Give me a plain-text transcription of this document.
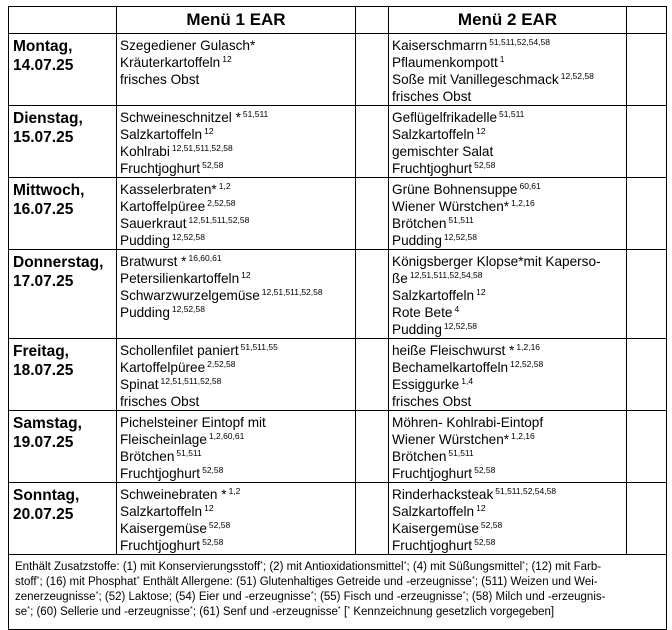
	Menü 1 EAR		Menü 2 EAR	

Montag,
14.07.25	Szegediener Gulasch*
Kräuterkartoffeln $^{12}$
frisches Obst		Kaiserschmarrn $^{51,511,52,54,58}$
Pflaumenkompott $^1$
Soße mit Vanillegeschmack $^{12,52,58}$
frisches Obst	

Dienstag,
15.07.25	Schweineschnitzel * $^{51,511}$
Salzkartoffeln $^{12}$
Kohlrabi $^{12,51,511,52,58}$
Fruchtjoghurt $^{52,58}$		Geflügelfrikadelle $^{51,511}$
Salzkartoffeln $^{12}$
gemischter Salat
Fruchtjoghurt $^{52,58}$

Mittwoch,
16.07.25	Kasselerbraten* $^{1,2}$
Kartoffelpüree $^{2,52,58}$
Sauerkraut $^{12,51,511,52,58}$
Pudding $^{12,52,58}$		Grüne Bohnensuppe $^{60,61}$
Wiener Würstchen* $^{1,2,16}$
Brötchen $^{51,511}$
Pudding $^{12,52,58}$

Donnerstag,
17.07.25	Bratwurst * $^{16,60,61}$
Petersilienkartoffeln $^{12}$
Schwarzwurzelgemüse $^{12,51,511,52,58}$
Pudding $^{12,52,58}$		Königsberger Klopse*mit Kaperso-
ße $^{12,51,511,52,54,58}$
Salzkartoffeln $^{12}$
Rote Bete $^4$
Pudding $^{12,52,58}$

Freitag,
18.07.25	Schollenfilet paniert $^{51,511,55}$
Kartoffelpüree $^{2,52,58}$
Spinat $^{12,51,511,52,58}$
frisches Obst		heiße Fleischwurst * $^{1,2,16}$
Bechamelkartoffeln $^{12,52,58}$
Essiggurke $^{1,4}$
frisches Obst	

Samstag,
19.07.25	Pichelsteiner Eintopf mit
Fleischeinlage $^{1,2,60,61}$
Brötchen $^{51,511}$
Fruchtjoghurt $^{52,58}$		Möhren- Kohlrabi-Eintopf
Wiener Würstchen* $^{1,2,16}$
Brötchen $^{51,511}$
Fruchtjoghurt $^{52,58}$

Sonntag,
20.07.25	Schweinebraten * $^{1,2}$
Salzkartoffeln $^{12}$
Kaisergemüse $^{52,58}$
Fruchtjoghurt $^{52,58}$		Rinderhacksteak $^{51,511,52,54,58}$
Salzkartoffeln $^{12}$
Kaisergemüse $^{52,58}$
Fruchtjoghurt $^{52,58}$

Enthält Zusatzstoffe: (1) mit Konservierungsstoff*; (2) mit Antioxidationsmittel*; (4) mit Süßungsmittel*; (12) mit Farb-
stoff*; (16) mit Phosphat* Enthält Allergene: (51) Glutenhaltiges Getreide und -erzeugnisse*; (511) Weizen und Wei-
zenerzeugnisse*; (52) Laktose; (54) Eier und -erzeugnisse*; (55) Fisch und -erzeugnisse*; (58) Milch und -erzeugnis-
se*; (60) Sellerie und -erzeugnisse*; (61) Senf und -erzeugnisse* [* Kennzeichnung gesetzlich vorgegeben]				
